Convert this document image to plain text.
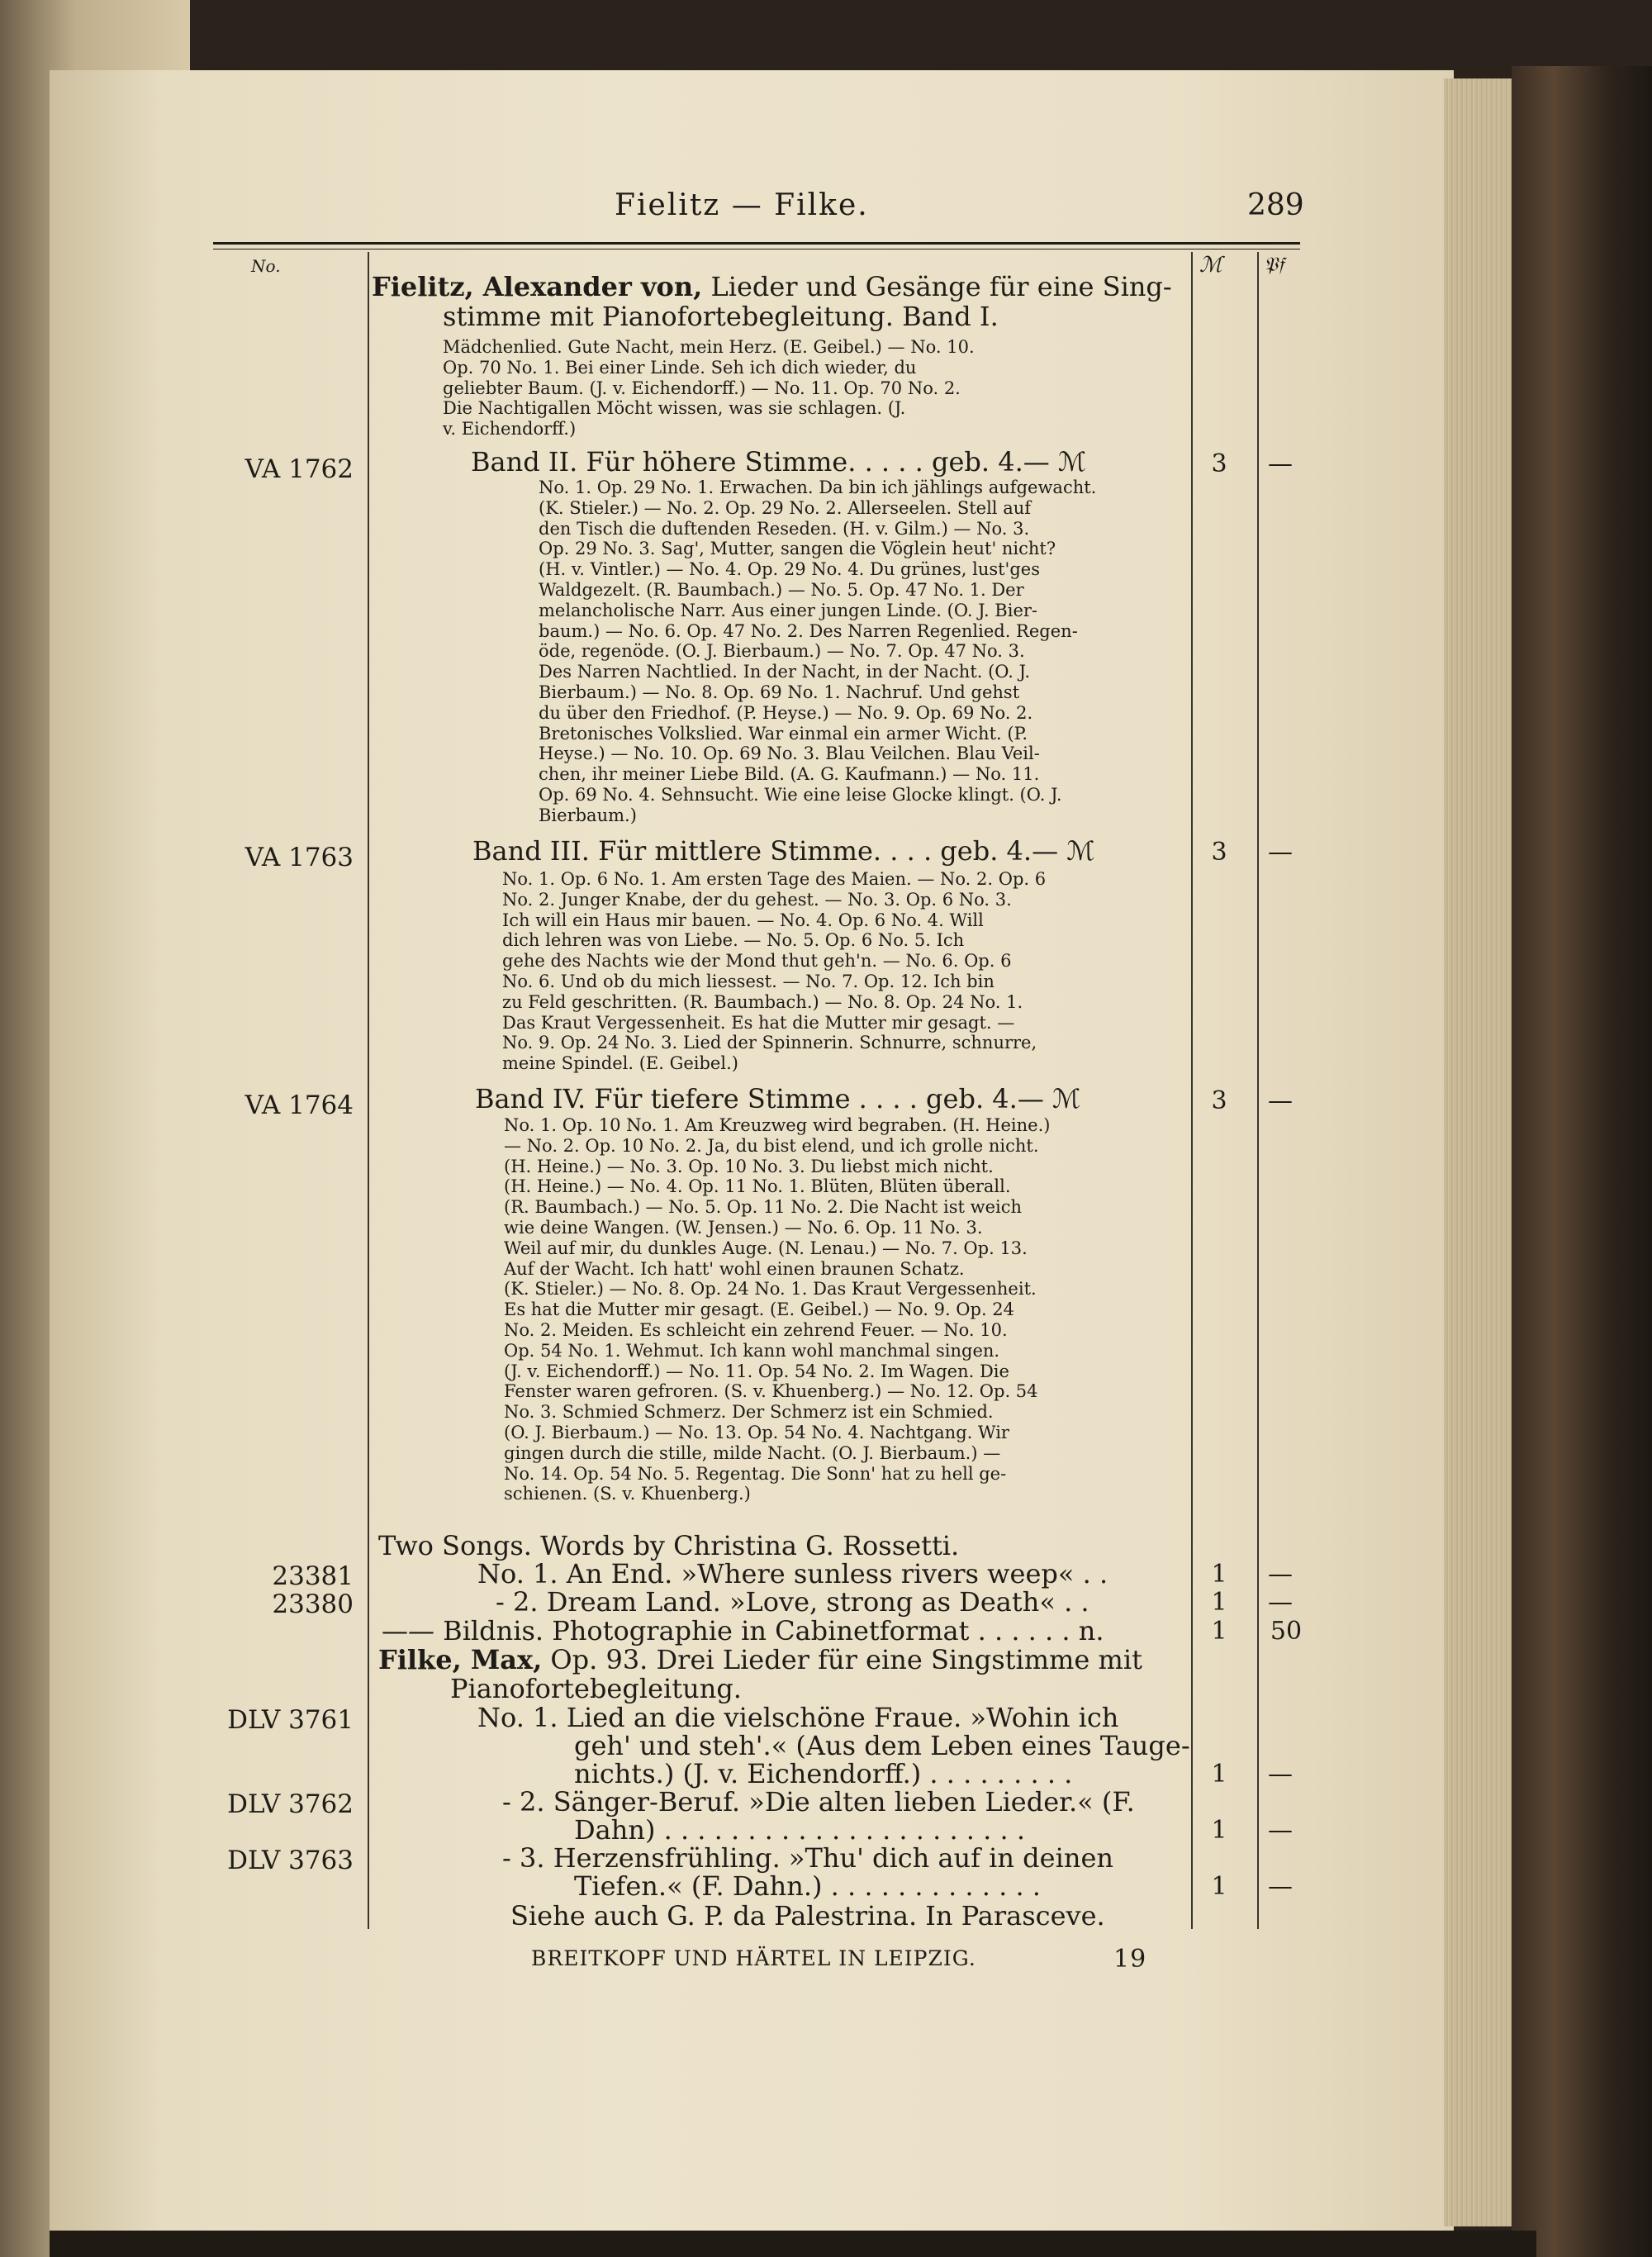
Fielitz — Filke.	289
No.	ℳ 𝔓𝔣
Fielitz, Alexander von, Lieder und Gesänge für eine Sing-
stimme mit Pianofortebegleitung. Band I.
Mädchenlied. Gute Nacht, mein Herz. (E. Geibel.) — No. 10.
Op. 70 No. 1. Bei einer Linde. Seh ich dich wieder, du
geliebter Baum. (J. v. Eichendorff.) — No. 11. Op. 70 No. 2.
Die Nachtigallen Möcht wissen, was sie schlagen. (J.
v. Eichendorff.)
VA 1762	Band II. Für höhere Stimme. . . . . geb. 4.— ℳ	3	—
No. 1. Op. 29 No. 1. Erwachen. Da bin ich jählings aufgewacht.
(K. Stieler.) — No. 2. Op. 29 No. 2. Allerseelen. Stell auf
den Tisch die duftenden Reseden. (H. v. Gilm.) — No. 3.
Op. 29 No. 3. Sag', Mutter, sangen die Vöglein heut' nicht?
(H. v. Vintler.) — No. 4. Op. 29 No. 4. Du grünes, lust'ges
Waldgezelt. (R. Baumbach.) — No. 5. Op. 47 No. 1. Der
melancholische Narr. Aus einer jungen Linde. (O. J. Bier-
baum.) — No. 6. Op. 47 No. 2. Des Narren Regenlied. Regen-
öde, regenöde. (O. J. Bierbaum.) — No. 7. Op. 47 No. 3.
Des Narren Nachtlied. In der Nacht, in der Nacht. (O. J.
Bierbaum.) — No. 8. Op. 69 No. 1. Nachruf. Und gehst
du über den Friedhof. (P. Heyse.) — No. 9. Op. 69 No. 2.
Bretonisches Volkslied. War einmal ein armer Wicht. (P.
Heyse.) — No. 10. Op. 69 No. 3. Blau Veilchen. Blau Veil-
chen, ihr meiner Liebe Bild. (A. G. Kaufmann.) — No. 11.
Op. 69 No. 4. Sehnsucht. Wie eine leise Glocke klingt. (O. J.
Bierbaum.)
VA 1763	Band III. Für mittlere Stimme. . . . geb. 4.— ℳ	3	—
No. 1. Op. 6 No. 1. Am ersten Tage des Maien. — No. 2. Op. 6
No. 2. Junger Knabe, der du gehest. — No. 3. Op. 6 No. 3.
Ich will ein Haus mir bauen. — No. 4. Op. 6 No. 4. Will
dich lehren was von Liebe. — No. 5. Op. 6 No. 5. Ich
gehe des Nachts wie der Mond thut geh'n. — No. 6. Op. 6
No. 6. Und ob du mich liessest. — No. 7. Op. 12. Ich bin
zu Feld geschritten. (R. Baumbach.) — No. 8. Op. 24 No. 1.
Das Kraut Vergessenheit. Es hat die Mutter mir gesagt. —
No. 9. Op. 24 No. 3. Lied der Spinnerin. Schnurre, schnurre,
meine Spindel. (E. Geibel.)
VA 1764	Band IV. Für tiefere Stimme . . . . geb. 4.— ℳ	3	—
No. 1. Op. 10 No. 1. Am Kreuzweg wird begraben. (H. Heine.)
— No. 2. Op. 10 No. 2. Ja, du bist elend, und ich grolle nicht.
(H. Heine.) — No. 3. Op. 10 No. 3. Du liebst mich nicht.
(H. Heine.) — No. 4. Op. 11 No. 1. Blüten, Blüten überall.
(R. Baumbach.) — No. 5. Op. 11 No. 2. Die Nacht ist weich
wie deine Wangen. (W. Jensen.) — No. 6. Op. 11 No. 3.
Weil auf mir, du dunkles Auge. (N. Lenau.) — No. 7. Op. 13.
Auf der Wacht. Ich hatt' wohl einen braunen Schatz.
(K. Stieler.) — No. 8. Op. 24 No. 1. Das Kraut Vergessenheit.
Es hat die Mutter mir gesagt. (E. Geibel.) — No. 9. Op. 24
No. 2. Meiden. Es schleicht ein zehrend Feuer. — No. 10.
Op. 54 No. 1. Wehmut. Ich kann wohl manchmal singen.
(J. v. Eichendorff.) — No. 11. Op. 54 No. 2. Im Wagen. Die
Fenster waren gefroren. (S. v. Khuenberg.) — No. 12. Op. 54
No. 3. Schmied Schmerz. Der Schmerz ist ein Schmied.
(O. J. Bierbaum.) — No. 13. Op. 54 No. 4. Nachtgang. Wir
gingen durch die stille, milde Nacht. (O. J. Bierbaum.) —
No. 14. Op. 54 No. 5. Regentag. Die Sonn' hat zu hell ge-
schienen. (S. v. Khuenberg.)
Two Songs. Words by Christina G. Rossetti.
23381	No. 1. An End. »Where sunless rivers weep« . .	1	—
23380	- 2. Dream Land. »Love, strong as Death« . .	1	—
—— Bildnis. Photographie in Cabinetformat . . . . . . n.	1	50
Filke, Max, Op. 93. Drei Lieder für eine Singstimme mit
Pianofortebegleitung.
DLV 3761	No. 1. Lied an die vielschöne Fraue. »Wohin ich
geh' und steh'.« (Aus dem Leben eines Tauge-
nichts.) (J. v. Eichendorff.) . . . . . . . . .	1	—
DLV 3762	- 2. Sänger-Beruf. »Die alten lieben Lieder.« (F.
Dahn) . . . . . . . . . . . . . . . . . . . . . .	1	—
DLV 3763	- 3. Herzensfrühling. »Thu' dich auf in deinen
Tiefen.« (F. Dahn.) . . . . . . . . . . . . .	1	—
Siehe auch G. P. da Palestrina. In Parasceve.
BREITKOPF UND HÄRTEL IN LEIPZIG.	19
